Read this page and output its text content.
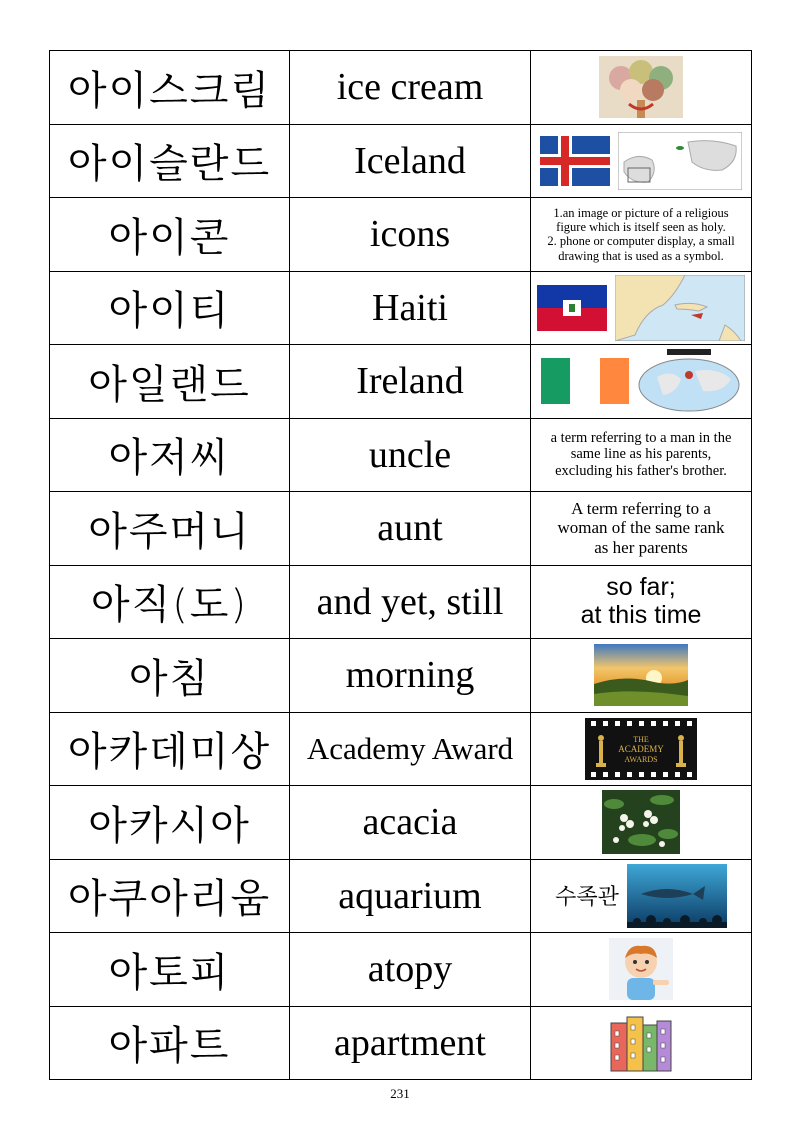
아이스크림	ice cream	

아이슬란드	Iceland	

아이콘	icons	1.an image or picture of a religious
figure which is itself seen as holy.
2. phone or computer display, a small
drawing that is used as a symbol.

아이티	Haiti	

아일랜드	Ireland	

아저씨	uncle	a term referring to a man in the
same line as his parents,
excluding his father's brother.

아주머니	aunt	A term referring to a
woman of the same rank
as her parents

아직(도)	and yet, still	so far;
at this time

아침	morning	

아카데미상	Academy Award	THE
ACADEMY
AWARDS

아카시아	acacia	

아쿠아리움	aquarium	수족관

아토피	atopy	

아파트	apartment	
231
